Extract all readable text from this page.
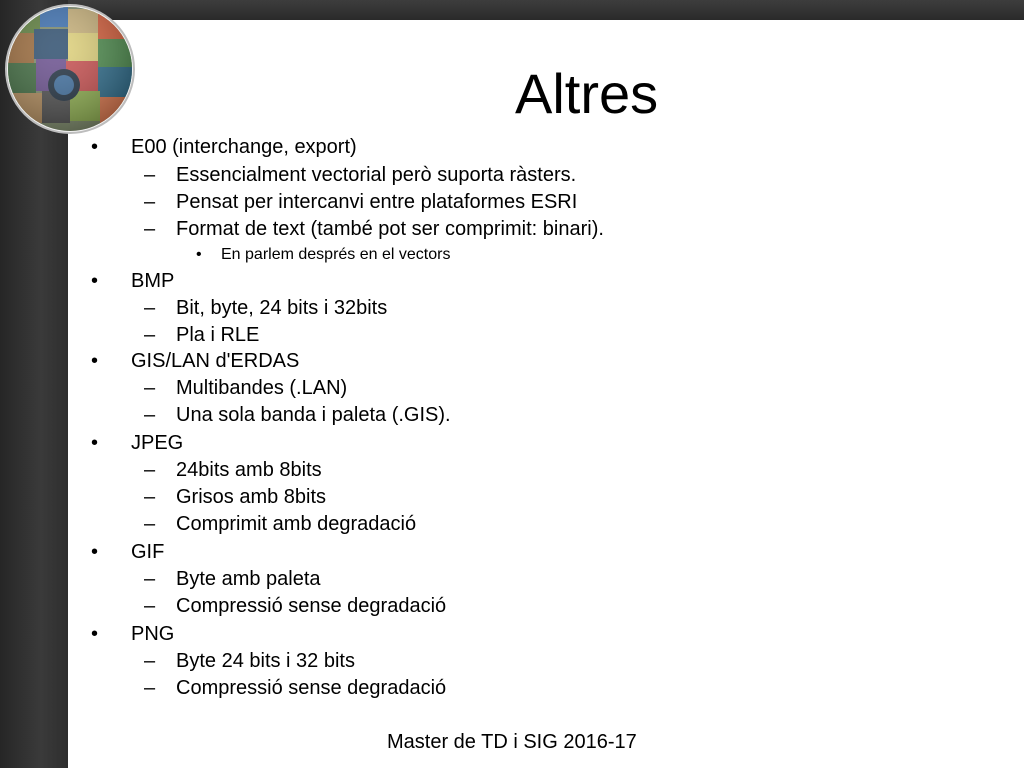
Altres
• E00 (interchange, export)
– Essencialment vectorial però suporta ràsters.
– Pensat per intercanvi entre plataformes ESRI
– Format de text (també pot ser comprimit: binari).
• En parlem després en el vectors
• BMP
– Bit, byte, 24 bits i 32bits
– Pla i RLE
• GIS/LAN d'ERDAS
– Multibandes (.LAN)
– Una sola banda i paleta (.GIS).
• JPEG
– 24bits amb 8bits
– Grisos amb 8bits
– Comprimit amb degradació
• GIF
– Byte amb paleta
– Compressió sense degradació
• PNG
– Byte 24 bits i 32 bits
– Compressió sense degradació
Master de TD i SIG 2016-17
